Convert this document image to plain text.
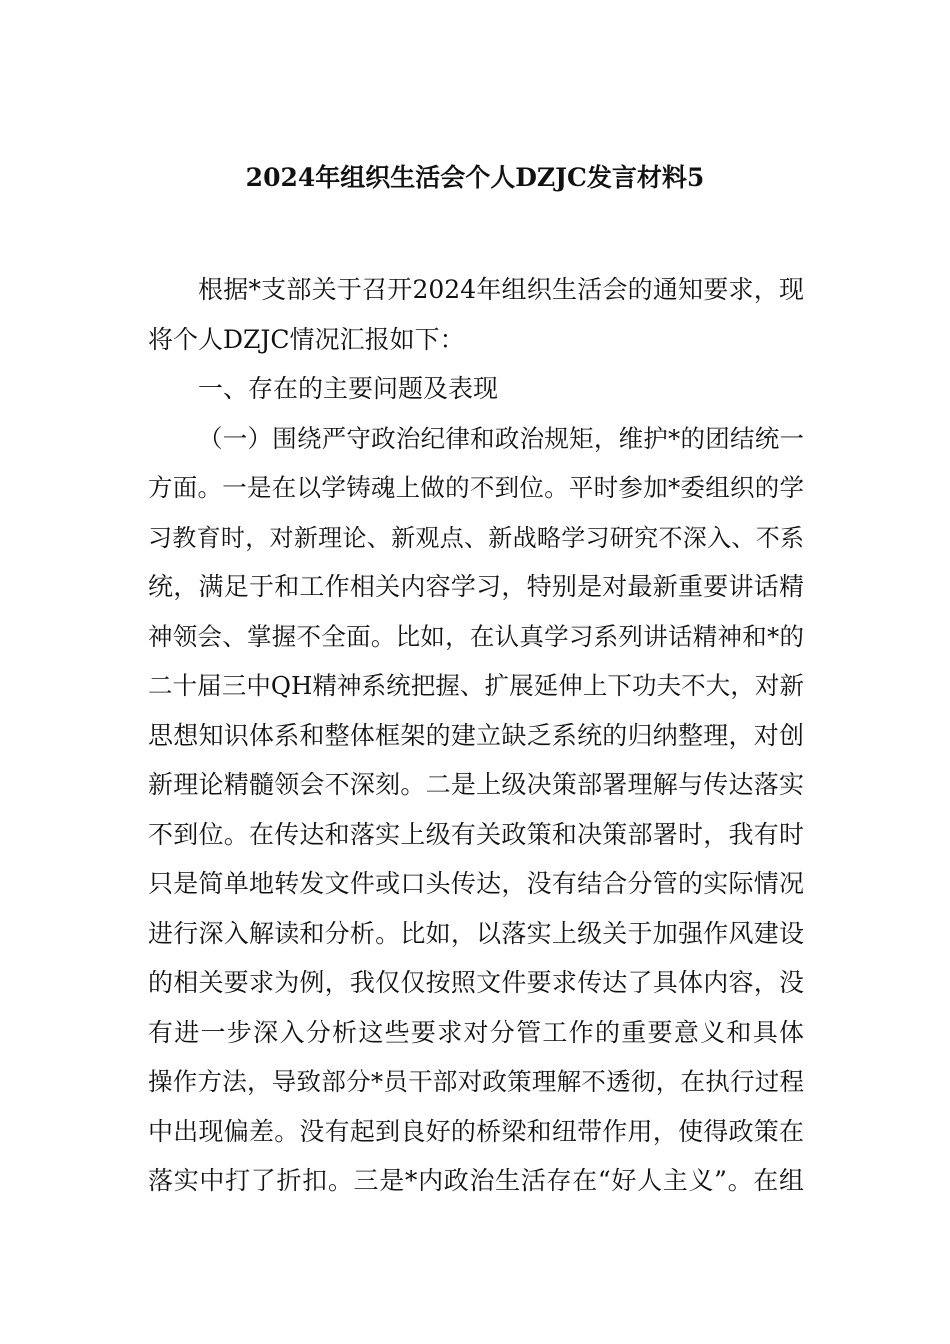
2024年组织生活会个人DZJC发言材料5
根据*支部关于召开2024年组织生活会的通知要求，现
将个人DZJC情况汇报如下：
一、存在的主要问题及表现
（一）围绕严守政治纪律和政治规矩，维护*的团结统一
方面。一是在以学铸魂上做的不到位。平时参加*委组织的学
习教育时，对新理论、新观点、新战略学习研究不深入、不系
统，满足于和工作相关内容学习，特别是对最新重要讲话精
神领会、掌握不全面。比如，在认真学习系列讲话精神和*的
二十届三中QH精神系统把握、扩展延伸上下功夫不大，对新
思想知识体系和整体框架的建立缺乏系统的归纳整理，对创
新理论精髓领会不深刻。二是上级决策部署理解与传达落实
不到位。在传达和落实上级有关政策和决策部署时，我有时
只是简单地转发文件或口头传达，没有结合分管的实际情况
进行深入解读和分析。比如，以落实上级关于加强作风建设
的相关要求为例，我仅仅按照文件要求传达了具体内容，没
有进一步深入分析这些要求对分管工作的重要意义和具体
操作方法，导致部分*员干部对政策理解不透彻，在执行过程
中出现偏差。没有起到良好的桥梁和纽带作用，使得政策在
落实中打了折扣。三是*内政治生活存在“好人主义”。在组
